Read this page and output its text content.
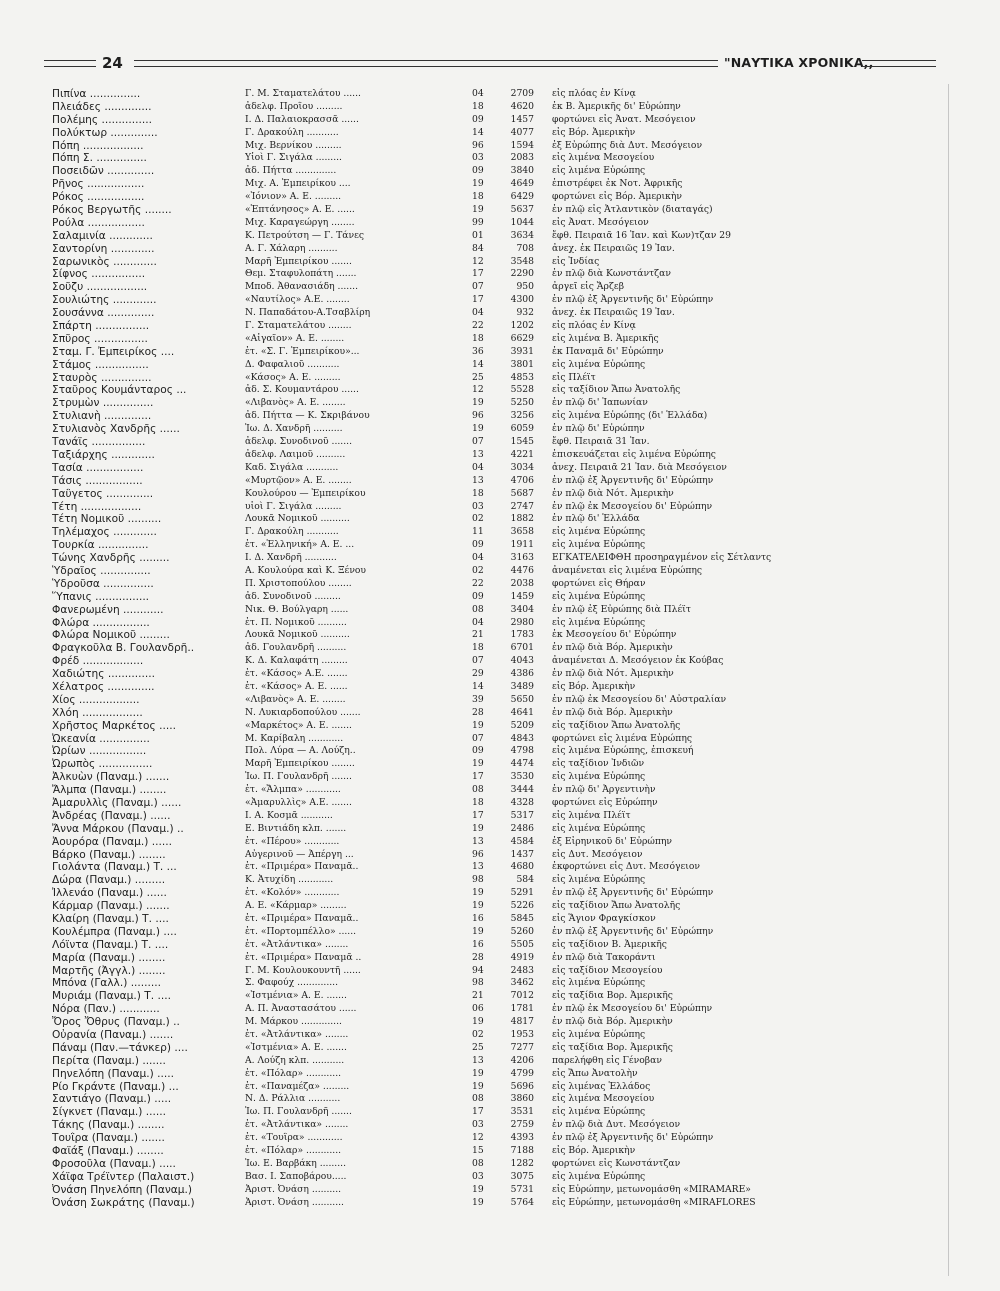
24	"ΝΑΥΤΙΚΑ ΧΡΟΝΙΚΑ,,
Πιπίνα ...............	Γ. Μ. Σταματελάτου ......	04	2709 εἰς πλόας ἐν Κίνᾳ
Πλειάδες ..............	ἀδελφ. Προΐου .........	18	4620 ἐκ Β. Ἀμερικῆς δι' Εὐρώπην
Πολέμης ...............	Ι. Δ. Παλαιοκρασσᾶ ......	09	1457 φορτώνει εἰς Ἀνατ. Μεσόγειον
Πολύκτωρ ..............	Γ. Δρακούλη ...........	14	4077 εἰς Βόρ. Ἀμερικὴν
Πόπη ..................	Μιχ. Βερνίκου .........	96	1594 ἐξ Εὐρώπης διὰ Δυτ. Μεσόγειον
Πόπη Σ. ...............	Υἱοὶ Γ. Σιγάλα .........	03	2083 εἰς λιμένα Μεσογείου
Ποσειδῶν ..............	ἀδ. Πήττα ..............	09	3840 εἰς λιμένα Εὐρώπης
Ρῆνος .................	Μιχ. Α. Ἐμπειρίκου ....	19	4649 ἐπιστρέφει ἐκ Νοτ. Ἀφρικῆς
Ρόκος .................	«Ἰόνιον» Α. Ε. .........	18	6429 φορτώνει εἰς Βόρ. Ἀμερικὴν
Ρόκος Βεργωτῆς ........	«Ἑπτάνησος» Α. Ε. ......	19	5637 ἐν πλῷ εἰς Ἀτλαντικὸν (διαταγάς)
Ρούλα .................	Μιχ. Καραγεώργη ........	99	1044 εἰς Ἀνατ. Μεσόγειον
Σαλαμινία .............	Κ. Πετρούτση — Γ. Τάνες	01	3634 ἔφθ. Πειραιᾶ 16 Ἰαν. καὶ Κων)τζαν 29
Σαντορίνη .............	Α. Γ. Χάλαρη ..........	84	708 ἀνεχ. ἐκ Πειραιῶς 19 Ἰαν.
Σαρωνικὸς .............	Μαρῆ Ἐμπειρίκου .......	12	3548 εἰς Ἰνδίας
Σίφνος ................	Θεμ. Σταφυλοπάτη .......	17	2290 ἐν πλῷ διὰ Κωνστάντζαν
Σοῦζυ ..................	Μποδ. Ἀθανασιάδη .......	07	950 ἀργεῖ εἰς Ἄρζεβ
Σουλιώτης .............	«Ναυτίλος» Α.Ε. ........	17	4300 ἐν πλῷ ἐξ Ἀργεντινῆς δι' Εὐρώπην
Σουσάννα ..............	Ν. Παπαδάτου-Α.Τσαβλίρη	04	932 ἀνεχ. ἐκ Πειραιῶς 19 Ἰαν.
Σπάρτη ................	Γ. Σταματελάτου ........	22	1202 εἰς πλόας ἐν Κίνᾳ
Σπῦρος ................	«Αἰγαῖον» Α. Ε. ........	18	6629 εἰς λιμένα Β. Ἀμερικῆς
Σταμ. Γ. Ἐμπειρίκος ....	ἑτ. «Σ. Γ. Ἐμπειρίκου»...	36	3931 ἐκ Παναμᾶ δι' Εὐρώπην
Στάμος ................	Δ. Φαφαλιοῦ ...........	14	3801 εἰς λιμένα Εὐρώπης
Σταυρὸς ...............	«Κάσος» Α. Ε. .........	25	4853 εἰς Πλέϊτ
Σταῦρος Κουμάνταρος ...	ἀδ. Σ. Κουμαντάρου ......	12	5528 εἰς ταξίδιον Ἄπω Ἀνατολῆς
Στρυμὼν ...............	«Λιβανὸς» Α. Ε. ........	19	5250 ἐν πλῷ δι' Ἰαπωνίαν
Στυλιανὴ ..............	ἀδ. Πήττα — Κ. Σκριβάνου	96	3256 εἰς λιμένα Εὐρώπης (δι' Ἑλλάδα)
Στυλιανὸς Χανδρῆς ......	Ἰω. Δ. Χανδρῆ ..........	19	6059 ἐν πλῷ δι' Εὐρώπην
Τανάϊς ................	ἀδελφ. Συνοδινοῦ .......	07	1545 ἔφθ. Πειραιᾶ 31 Ἰαν.
Ταξιάρχης .............	ἀδελφ. Λαιμοῦ ..........	13	4221 ἐπισκευάζεται εἰς λιμένα Εὐρώπης
Τασία .................	Καδ. Σιγάλα ...........	04	3034 ἀνεχ. Πειραιᾶ 21 Ἰαν. διὰ Μεσόγειον
Τάσις .................	«Μυρτῷον» Α. Ε. ........	13	4706 ἐν πλῷ ἐξ Ἀργεντινῆς δι' Εὐρώπην
Ταΰγετος ..............	Κουλούρου — Ἐμπειρίκου	18	5687 ἐν πλῷ διὰ Νότ. Ἀμερικὴν
Τέτη ..................	υἱοὶ Γ. Σιγάλα .........	03	2747 ἐν πλῷ ἐκ Μεσογείου δι' Εὐρώπην
Τέτη Νομικοῦ ..........	Λουκᾶ Νομικοῦ ..........	02	1882 ἐν πλῷ δι' Ἑλλάδα
Τηλέμαχος .............	Γ. Δρακούλη ...........	11	3658 εἰς λιμένα Εὐρώπης
Τουρκία ...............	ἑτ. «Ἑλληνική» Α. Ε. ...	09	1911 εἰς λιμένα Εὐρώπης
Τώνης Χανδρῆς .........	Ι. Δ. Χανδρῆ ...........	04	3163 ΕΓΚΑΤΕΛΕΙΦΘΗ προσηραγμένον εἰς Σέτλαντς
Ὑδραῖος ...............	Α. Κουλούρα καὶ Κ. Ξένου	02	4476 ἀναμένεται εἰς λιμένα Εὐρώπης
Ὑδροῦσα ...............	Π. Χριστοπούλου ........	22	2038 φορτώνει εἰς Θήραν
Ὕπανις ................	ἀδ. Συνοδινοῦ .........	09	1459 εἰς λιμένα Εὐρώπης
Φανερωμένη ............	Νικ. Θ. Βούλγαρη ......	08	3404 ἐν πλῷ ἐξ Εὐρώπης διὰ Πλέϊτ
Φλώρα .................	ἑτ. Π. Νομικοῦ ..........	04	2980 εἰς λιμένα Εὐρώπης
Φλώρα Νομικοῦ .........	Λουκᾶ Νομικοῦ ..........	21	1783 ἐκ Μεσογείου δι' Εὐρώπην
Φραγκοῦλα Β. Γουλανδρῆ..	ἀδ. Γουλανδρῆ ..........	18	6701 ἐν πλῷ διὰ Βόρ. Ἀμερικὴν
Φρέδ ..................	Κ. Δ. Καλαφάτη .........	07	4043 ἀναμένεται Δ. Μεσόγειον ἐκ Κούβας
Χαδιώτης ..............	ἑτ. «Κάσος» Α.Ε. .......	29	4386 ἐν πλῷ διὰ Νότ. Ἀμερικὴν
Χέλατρος ..............	ἑτ. «Κάσος» Α. Ε. ......	14	3489 εἰς Βόρ. Ἀμερικὴν
Χίος ..................	«Λιβανὸς» Α. Ε. ........	39	5650 ἐν πλῷ ἐκ Μεσογείου δι' Αὐστραλίαν
Χλόη ..................	Ν. Λυκιαρδοπούλου .......	28	4641 ἐν πλῷ διὰ Βόρ. Ἀμερικὴν
Χρῆστος Μαρκέτος .....	«Μαρκέτος» Α. Ε. .......	19	5209 εἰς ταξίδιον Ἄπω Ἀνατολῆς
Ὠκεανία ...............	Μ. Καρίβαλη ............	07	4843 φορτώνει εἰς λιμένα Εὐρώπης
Ὠρίων .................	Πολ. Λύρα — Α. Λούζη..	09	4798 εἰς λιμένα Εὐρώπης, ἐπισκευή
Ὠρωπὸς ................	Μαρῆ Ἐμπειρίκου ........	19	4474 εἰς ταξίδιον Ἰνδιῶν
Ἀλκυὼν (Παναμ.) .......	Ἰω. Π. Γουλανδρῆ .......	17	3530 εἰς λιμένα Εὐρώπης
Ἄλμπα (Παναμ.) ........	ἑτ. «Ἄλμπα» ............	08	3444 ἐν πλῷ δι' Ἀργεντινὴν
Ἀμαρυλλὶς (Παναμ.) ......	«Ἀμαρυλλὶς» Α.Ε. .......	18	4328 φορτώνει εἰς Εὐρώπην
Ἀνδρέας (Παναμ.) ......	Ι. Α. Κοσμᾶ ...........	17	5317 εἰς λιμένα Πλέϊτ
Ἄννα Μάρκου (Παναμ.) ..	Ε. Βιντιάδη κλπ. .......	19	2486 εἰς λιμένα Εὐρώπης
Ἀουρόρα (Παναμ.) ......	ἑτ. «Πέρου» ............	13	4584 ἐξ Εἰρηνικοῦ δι' Εὐρώπην
Βάρκο (Παναμ.) ........	Αὐγερινοῦ — Ἀπέργη ...	96	1437 εἰς Δυτ. Μεσόγειον
Γιολάντα (Παναμ.) Τ. ...	ἑτ. «Πριμέρα» Παναμᾶ..	13	4680 ἐκφορτώνει εἰς Δυτ. Μεσόγειον
Δώρα (Παναμ.) .........	Κ. Ἀτυχίδη ............	98	584 εἰς λιμένα Εὐρώπης
Ἰλλενάο (Παναμ.) ......	ἑτ. «Κολόν» ............	19	5291 ἐν πλῷ ἐξ Ἀργεντινῆς δι' Εὐρώπην
Κάρμαρ (Παναμ.) .......	Α. Ε. «Κάρμαρ» .........	19	5226 εἰς ταξίδιον Ἄπω Ἀνατολῆς
Κλαίρη (Παναμ.) Τ. ....	ἑτ. «Πριμέρα» Παναμᾶ..	16	5845 εἰς Ἅγιον Φραγκίσκον
Κουλέμπρα (Παναμ.) ....	ἑτ. «Πορτομπέλλο» ......	19	5260 ἐν πλῷ ἐξ Ἀργεντινῆς δι' Εὐρώπην
Λόϊντα (Παναμ.) Τ. ....	ἑτ. «Ἀτλάντικα» ........	16	5505 εἰς ταξίδιον Β. Ἀμερικῆς
Μαρία (Παναμ.) ........	ἑτ. «Πριμέρα» Παναμᾶ ..	28	4919 ἐν πλῷ διὰ Τακοράντι
Μαρτῆς (Ἀγγλ.) ........	Γ. Μ. Κουλουκουντῆ ......	94	2483 εἰς ταξίδιον Μεσογείου
Μπόνα (Γαλλ.) .........	Σ. Φαφούχ ..............	98	3462 εἰς λιμένα Εὐρώπης
Μυριάμ (Παναμ.) Τ. ....	«Ἰστμένια» Α. Ε. .......	21	7012 εἰς ταξίδια Βορ. Ἀμερικῆς
Νόρα (Παν.) ............	Α. Π. Ἀναστασάτου ......	06	1781 ἐν πλῷ ἐκ Μεσογείου δι' Εὐρώπην
Ὄρος Ὄθρυς (Παναμ.) ..	Μ. Μάρκου ..............	19	4817 ἐν πλῷ διὰ Βόρ. Ἀμερικὴν
Οὐρανία (Παναμ.) .......	ἑτ. «Ἀτλάντικα» ........	02	1953 εἰς λιμένα Εὐρώπης
Πάναμ (Παν.—τάνκερ) ....	«Ἰστμένια» Α. Ε. .......	25	7277 εἰς ταξίδια Βορ. Ἀμερικῆς
Περίτα (Παναμ.) .......	Α. Λούζη κλπ. ...........	13	4206 παρελήφθη εἰς Γένοβαν
Πηνελόπη (Παναμ.) .....	ἑτ. «Πόλαρ» ............	19	4799 εἰς Ἄπω Ἀνατολὴν
Ρίο Γκράντε (Παναμ.) ...	ἑτ. «Παναμέζα» .........	19	5696 εἰς λιμένας Ἑλλάδος
Σαντιάγο (Παναμ.) .....	Ν. Δ. Ράλλια ...........	08	3860 εἰς λιμένα Μεσογείου
Σίγκνετ (Παναμ.) ......	Ἰω. Π. Γουλανδρῆ .......	17	3531 εἰς λιμένα Εὐρώπης
Τάκης (Παναμ.) ........	ἑτ. «Ἀτλάντικα» ........	03	2759 ἐν πλῷ διὰ Δυτ. Μεσόγειον
Τουΐρα (Παναμ.) .......	ἑτ. «Τουΐρα» ............	12	4393 ἐν πλῷ ἐξ Ἀργεντινῆς δι' Εὐρώπην
Φαϊάξ (Παναμ.) ........	ἑτ. «Πόλαρ» ............	15	7188 εἰς Βόρ. Ἀμερικὴν
Φροσοῦλα (Παναμ.) .....	Ἰω. Ε. Βαρβάκη .........	08	1282 φορτώνει εἰς Κωνστάντζαν
Χάϊφα Τρέϊντερ (Παλαιστ.)	Βασ. Ι. Σαποβάρου.....	03	3075 εἰς λιμένα Εὐρώπης
Ὀνάση Πηνελόπη (Παναμ.)	Ἀριστ. Ὀνάση ..........	19	5731 εἰς Εὐρώπην, μετωνομάσθη «MIRAMARE»
Ὀνάση Σωκράτης (Παναμ.)	Ἀριστ. Ὀνάση ...........	19	5764 εἰς Εὐρώπην, μετωνομάσθη «MIRAFLORES
